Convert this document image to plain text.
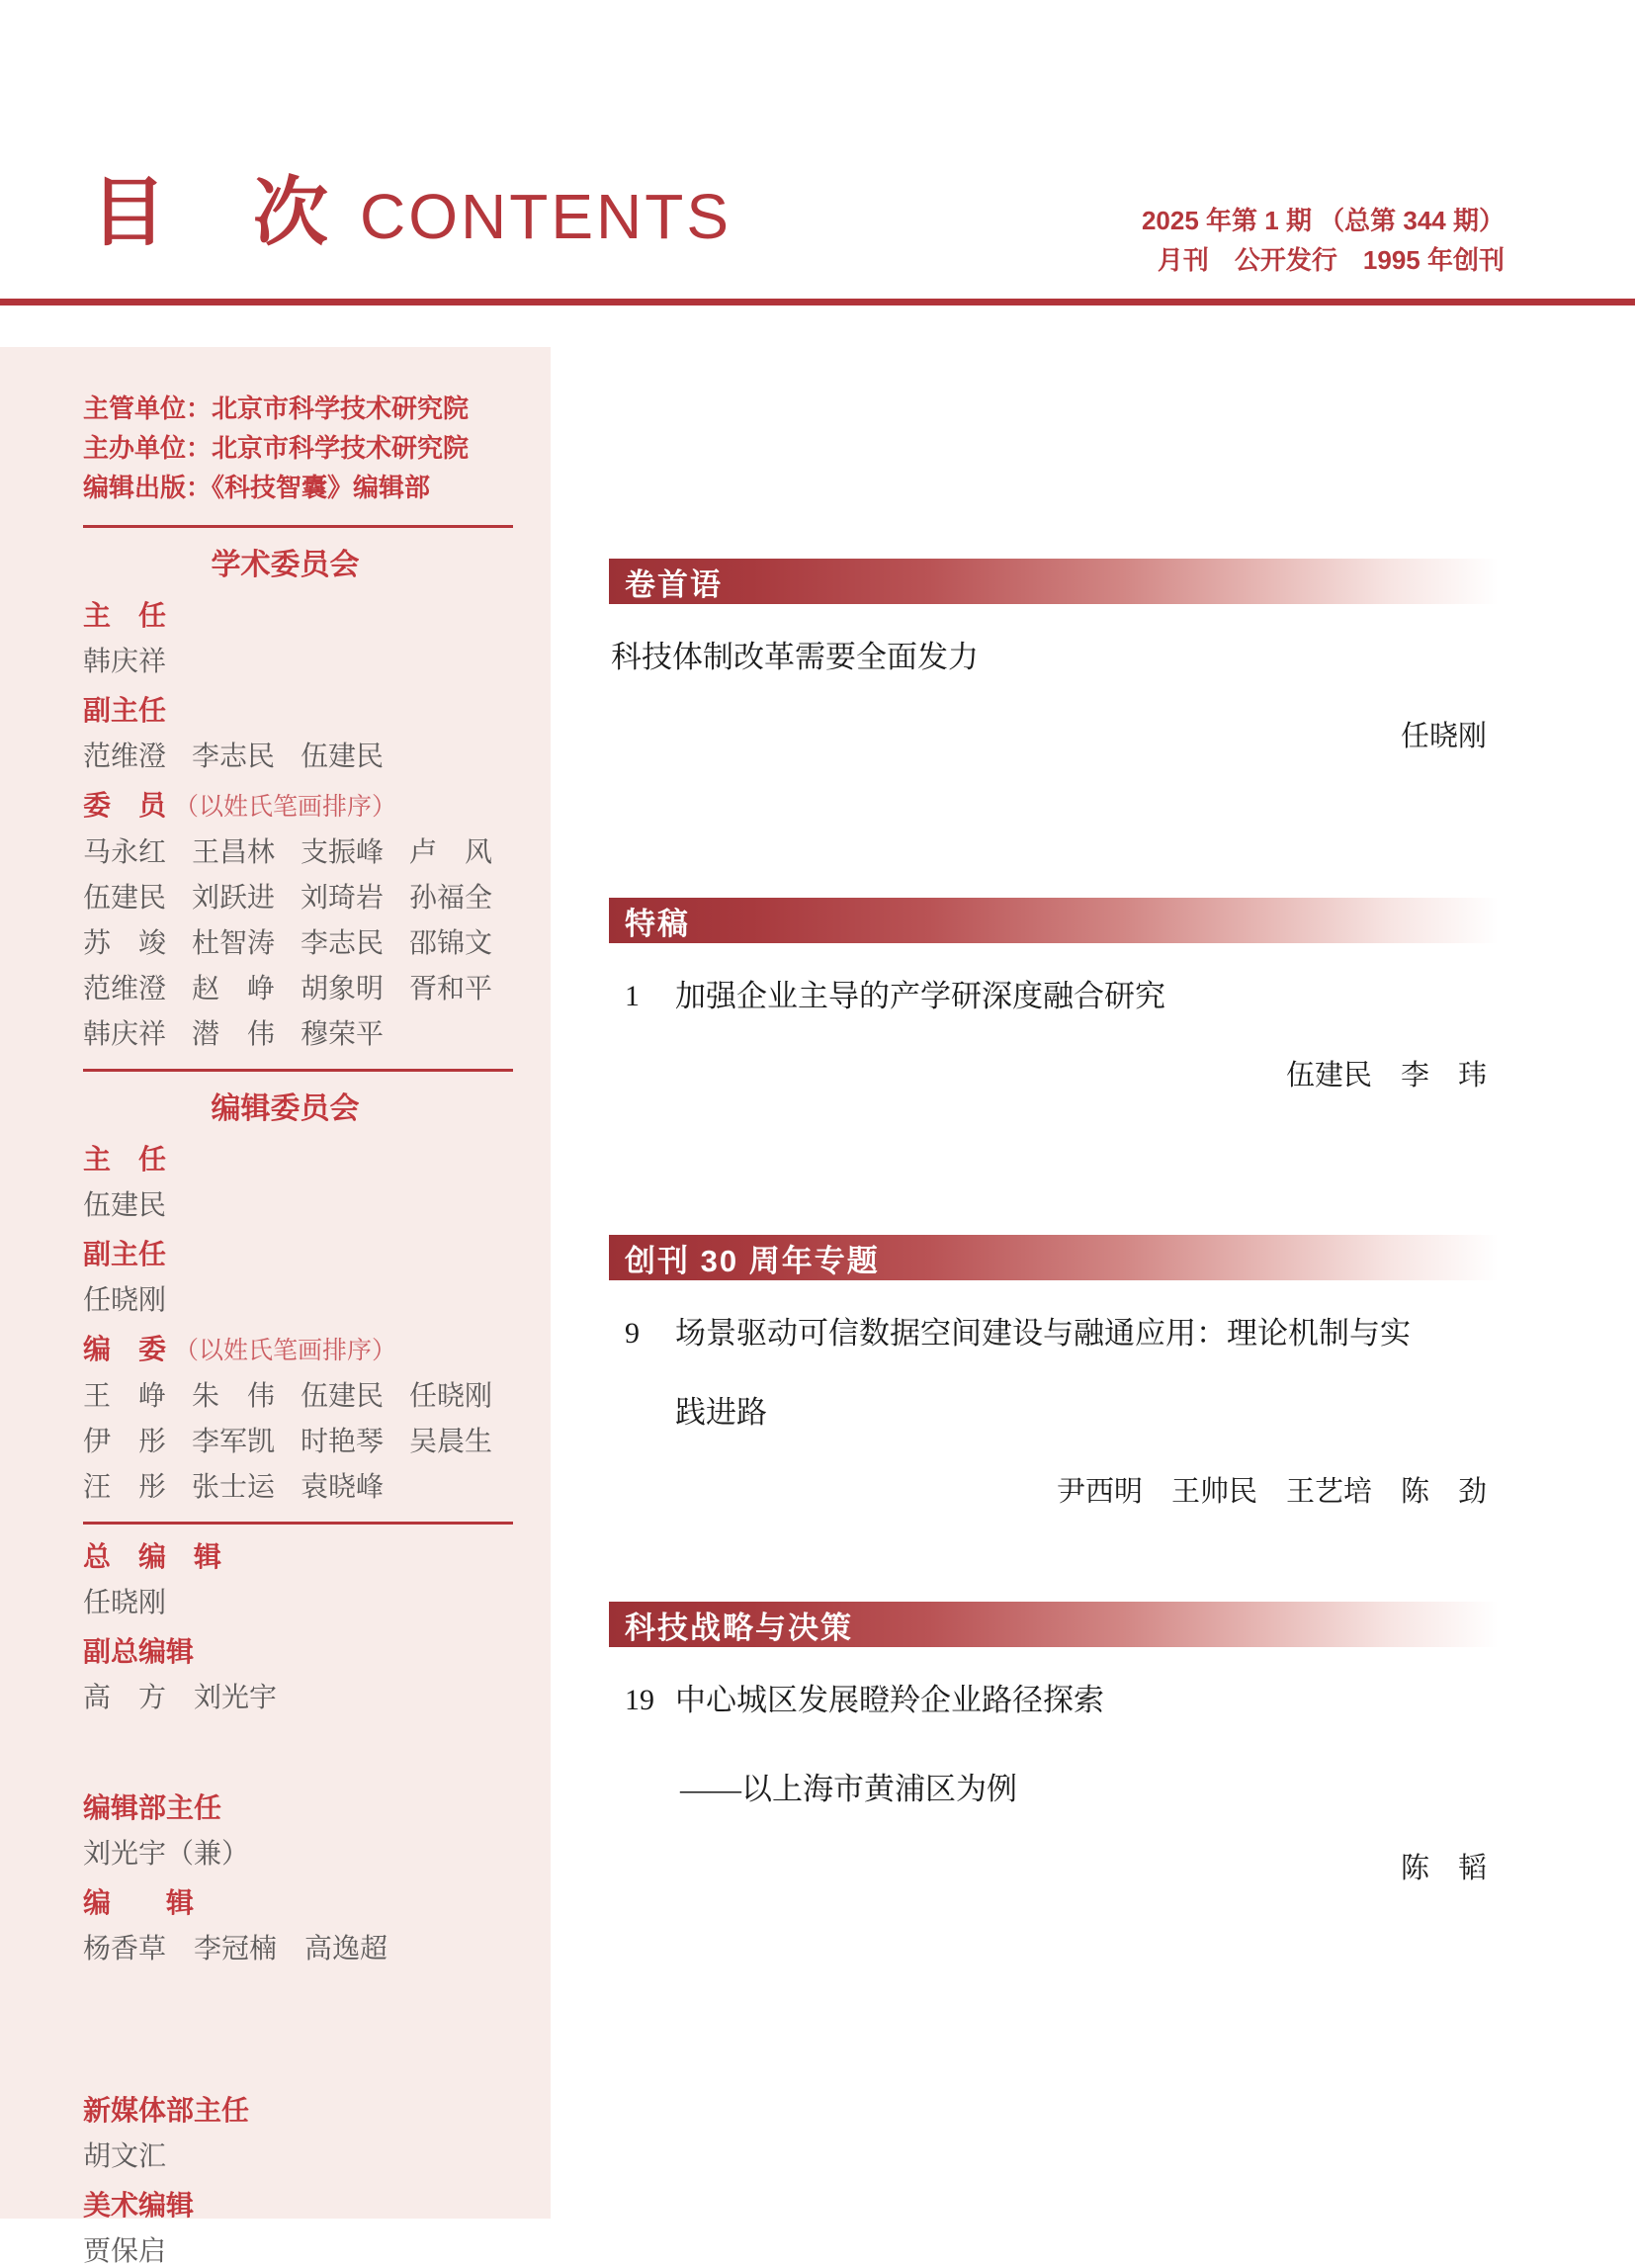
目　次 CONTENTS	2025 年第 1 期 （总第 344 期）
月刊　公开发行　1995 年创刊
主管单位：北京市科学技术研究院
主办单位：北京市科学技术研究院
编辑出版：《科技智囊》编辑部
学术委员会
主　任
韩庆祥
副主任
范维澄 李志民 伍建民
委　员 （以姓氏笔画排序）
马永红 王昌林 支振峰 卢　风
伍建民 刘跃进 刘琦岩 孙福全
苏　竣 杜智涛 李志民 邵锦文
范维澄 赵　峥 胡象明 胥和平
韩庆祥 潜　伟 穆荣平
编辑委员会
主　任
伍建民
副主任
任晓刚
编　委 （以姓氏笔画排序）
王　峥 朱　伟 伍建民 任晓刚
伊　彤 李军凯 时艳琴 吴晨生
汪　彤 张士运 袁晓峰
总　编　辑
任晓刚
副总编辑
高　方　刘光宇
编辑部主任
刘光宇（兼）
编　　辑
杨香草　李冠楠　高逸超
新媒体部主任
胡文汇
美术编辑
贾保启
卷首语
科技体制改革需要全面发力
任晓刚
特稿
1	加强企业主导的产学研深度融合研究
伍建民　李　玮
创刊 30 周年专题
9	场景驱动可信数据空间建设与融通应用：理论机制与实
践进路
尹西明　王帅民　王艺培　陈　劲
科技战略与决策
19 中心城区发展瞪羚企业路径探索
——以上海市黄浦区为例
陈　韬
